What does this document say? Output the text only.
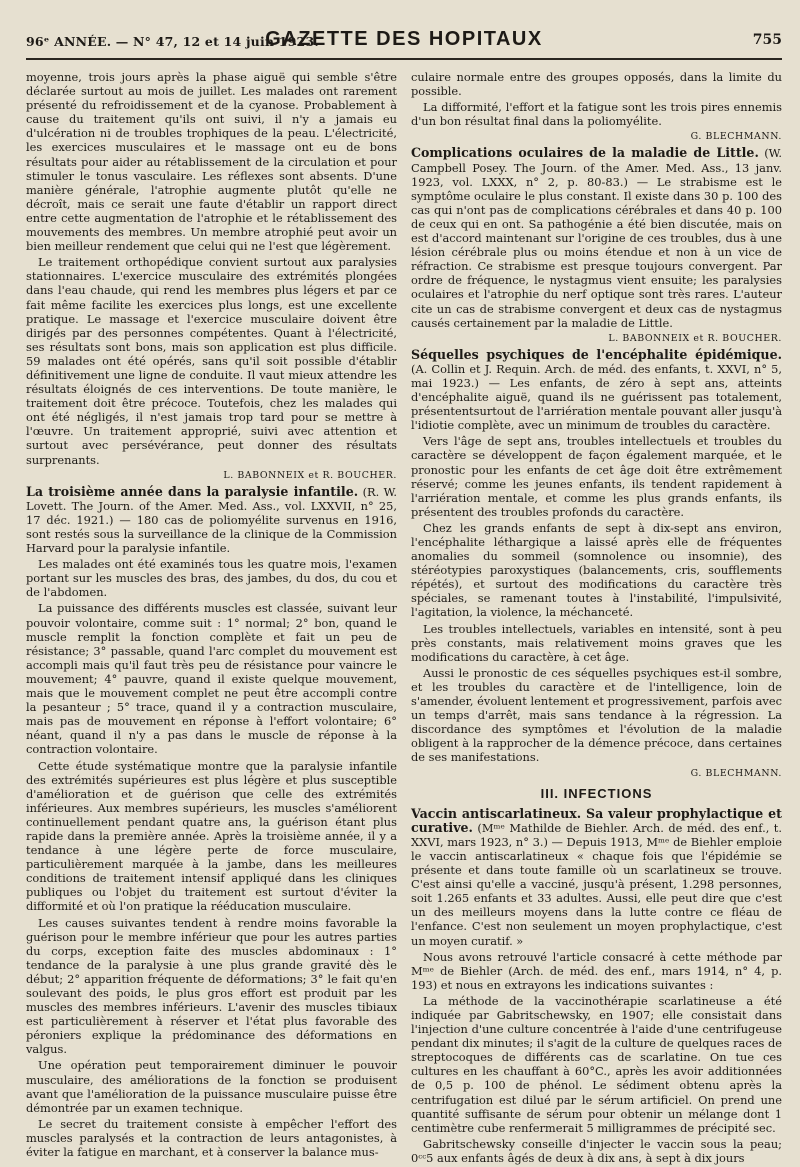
96ᵉ ANNÉE. — N° 47, 12 et 14 juin 1923.
GAZETTE DES HOPITAUX	755

moyenne, trois jours après la phase aiguë qui semble s'être déclarée surtout au mois de juillet. Les malades ont rarement présenté du refroidissement et de la cyanose. Probablement à cause du traitement qu'ils ont suivi, il n'y a jamais eu d'ulcération ni de troubles trophiques de la peau. L'électricité, les exercices musculaires et le massage ont eu de bons résultats pour aider au rétablissement de la circulation et pour stimuler le tonus vasculaire. Les réflexes sont absents. D'une manière générale, l'atrophie augmente plutôt qu'elle ne décroît, mais ce serait une faute d'établir un rapport direct entre cette augmentation de l'atrophie et le rétablissement des mouvements des membres. Un membre atrophié peut avoir un bien meilleur rendement que celui qui ne l'est que légèrement.

Le traitement orthopédique convient surtout aux paralysies stationnaires. L'exercice musculaire des extrémités plongées dans l'eau chaude, qui rend les membres plus légers et par ce fait même facilite les exercices plus longs, est une excellente pratique. Le massage et l'exercice musculaire doivent être dirigés par des personnes compétentes. Quant à l'électricité, ses résultats sont bons, mais son application est plus difficile. 59 malades ont été opérés, sans qu'il soit possible d'établir définitivement une ligne de conduite. Il vaut mieux attendre les résultats éloignés de ces interventions. De toute manière, le traitement doit être précoce. Toutefois, chez les malades qui ont été négligés, il n'est jamais trop tard pour se mettre à l'œuvre. Un traitement approprié, suivi avec attention et surtout avec persévérance, peut donner des résultats surprenants.

L. BABONNEIX et R. BOUCHER.

La troisième année dans la paralysie infantile. (R. W. Lovett. The Journ. of the Amer. Med. Ass., vol. LXXVII, n° 25, 17 déc. 1921.) — 180 cas de poliomyélite survenus en 1916, sont restés sous la surveillance de la clinique de la Commission Harvard pour la paralysie infantile.

Les malades ont été examinés tous les quatre mois, l'examen portant sur les muscles des bras, des jambes, du dos, du cou et de l'abdomen.

La puissance des différents muscles est classée, suivant leur pouvoir volontaire, comme suit : 1° normal; 2° bon, quand le muscle remplit la fonction complète et fait un peu de résistance; 3° passable, quand l'arc complet du mouvement est accompli mais qu'il faut très peu de résistance pour vaincre le mouvement; 4° pauvre, quand il existe quelque mouvement, mais que le mouvement complet ne peut être accompli contre la pesanteur ; 5° trace, quand il y a contraction musculaire, mais pas de mouvement en réponse à l'effort volontaire; 6° néant, quand il n'y a pas dans le muscle de réponse à la contraction volontaire.

Cette étude systématique montre que la paralysie infantile des extrémités supérieures est plus légère et plus susceptible d'amélioration et de guérison que celle des extrémités inférieures. Aux membres supérieurs, les muscles s'améliorent continuellement pendant quatre ans, la guérison étant plus rapide dans la première année. Après la troisième année, il y a tendance à une légère perte de force musculaire, particulièrement marquée à la jambe, dans les meilleures conditions de traitement intensif appliqué dans les cliniques publiques ou l'objet du traitement est surtout d'éviter la difformité et où l'on pratique la rééducation musculaire.

Les causes suivantes tendent à rendre moins favorable la guérison pour le membre inférieur que pour les autres parties du corps, exception faite des muscles abdominaux : 1° tendance de la paralysie à une plus grande gravité dès le début; 2° apparition fréquente de déformations; 3° le fait qu'en soulevant des poids, le plus gros effort est produit par les muscles des membres inférieurs. L'avenir des muscles tibiaux est particulièrement à réserver et l'état plus favorable des péroniers explique la prédominance des déformations en valgus.

Une opération peut temporairement diminuer le pouvoir musculaire, des améliorations de la fonction se produisent avant que l'amélioration de la puissance musculaire puisse être démontrée par un examen technique.

Le secret du traitement consiste à empêcher l'effort des muscles paralysés et la contraction de leurs antagonistes, à éviter la fatigue en marchant, et à conserver la balance mus-

culaire normale entre des groupes opposés, dans la limite du possible.

La difformité, l'effort et la fatigue sont les trois pires ennemis d'un bon résultat final dans la poliomyélite.

G. BLECHMANN.

Complications oculaires de la maladie de Little. (W. Campbell Posey. The Journ. of the Amer. Med. Ass., 13 janv. 1923, vol. LXXX, n° 2, p. 80-83.) — Le strabisme est le symptôme oculaire le plus constant. Il existe dans 30 p. 100 des cas qui n'ont pas de complications cérébrales et dans 40 p. 100 de ceux qui en ont. Sa pathogénie a été bien discutée, mais on est d'accord maintenant sur l'origine de ces troubles, dus à une lésion cérébrale plus ou moins étendue et non à un vice de réfraction. Ce strabisme est presque toujours convergent. Par ordre de fréquence, le nystagmus vient ensuite; les paralysies oculaires et l'atrophie du nerf optique sont très rares. L'auteur cite un cas de strabisme convergent et deux cas de nystagmus causés certainement par la maladie de Little.

L. BABONNEIX et R. BOUCHER.

Séquelles psychiques de l'encéphalite épidémique. (A. Collin et J. Requin. Arch. de méd. des enfants, t. XXVI, n° 5, mai 1923.) — Les enfants, de zéro à sept ans, atteints d'encéphalite aiguë, quand ils ne guérissent pas totalement, présententsurtout de l'arriération mentale pouvant aller jusqu'à l'idiotie complète, avec un minimum de troubles du caractère.

Vers l'âge de sept ans, troubles intellectuels et troubles du caractère se développent de façon également marquée, et le pronostic pour les enfants de cet âge doit être extrêmement réservé; comme les jeunes enfants, ils tendent rapidement à l'arriération mentale, et comme les plus grands enfants, ils présentent des troubles profonds du caractère.

Chez les grands enfants de sept à dix-sept ans environ, l'encéphalite léthargique a laissé après elle de fréquentes anomalies du sommeil (somnolence ou insomnie), des stéréotypies paroxystiques (balancements, cris, soufflements répétés), et surtout des modifications du caractère très spéciales, se ramenant toutes à l'instabilité, l'impulsivité, l'agitation, la violence, la méchanceté.

Les troubles intellectuels, variables en intensité, sont à peu près constants, mais relativement moins graves que les modifications du caractère, à cet âge.

Aussi le pronostic de ces séquelles psychiques est-il sombre, et les troubles du caractère et de l'intelligence, loin de s'amender, évoluent lentement et progressivement, parfois avec un temps d'arrêt, mais sans tendance à la régression. La discordance des symptômes et l'évolution de la maladie obligent à la rapprocher de la démence précoce, dans certaines de ses manifestations.

G. BLECHMANN.

III. INFECTIONS

Vaccin antiscarlatineux. Sa valeur prophylactique et curative. (Mᵐᵉ Mathilde de Biehler. Arch. de méd. des enf., t. XXVI, mars 1923, n° 3.) — Depuis 1913, Mᵐᵉ de Biehler emploie le vaccin antiscarlatineux « chaque fois que l'épidémie se présente et dans toute famille où un scarlatineux se trouve. C'est ainsi qu'elle a vacciné, jusqu'à présent, 1.298 personnes, soit 1.265 enfants et 33 adultes. Aussi, elle peut dire que c'est un des meilleurs moyens dans la lutte contre ce fléau de l'enfance. C'est non seulement un moyen prophylactique, c'est un moyen curatif. »

Nous avons retrouvé l'article consacré à cette méthode par Mᵐᵉ de Biehler (Arch. de méd. des enf., mars 1914, n° 4, p. 193) et nous en extrayons les indications suivantes :

La méthode de la vaccinothérapie scarlatineuse a été indiquée par Gabritschewsky, en 1907; elle consistait dans l'injection d'une culture concentrée à l'aide d'une centrifugeuse pendant dix minutes; il s'agit de la culture de quelques races de streptocoques de différents cas de scarlatine. On tue ces cultures en les chauffant à 60°C., après les avoir additionnées de 0,5 p. 100 de phénol. Le sédiment obtenu après la centrifugation est dilué par le sérum artificiel. On prend une quantité suffisante de sérum pour obtenir un mélange dont 1 centimètre cube renfermerait 5 milligrammes de précipité sec.

Gabritschewsky conseille d'injecter le vaccin sous la peau; 0ᶜᶜ5 aux enfants âgés de deux à dix ans, à sept à dix jours
